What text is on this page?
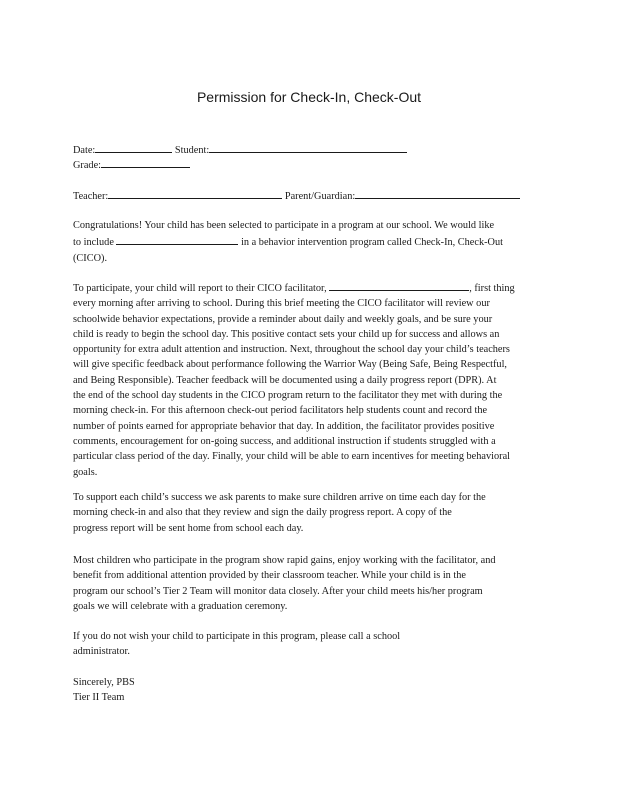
Permission for Check-In, Check-Out
Date:	Student:
Grade:
Teacher:	Parent/Guardian:
Congratulations! Your child has been selected to participate in a program at our school. We would like
to include	in a behavior intervention program called Check-In, Check-Out
(CICO).
To participate, your child will report to their CICO facilitator,	, first thing
every morning after arriving to school. During this brief meeting the CICO facilitator will review our
schoolwide behavior expectations, provide a reminder about daily and weekly goals, and be sure your
child is ready to begin the school day. This positive contact sets your child up for success and allows an
opportunity for extra adult attention and instruction. Next, throughout the school day your child’s teachers
will give specific feedback about performance following the Warrior Way (Being Safe, Being Respectful,
and Being Responsible). Teacher feedback will be documented using a daily progress report (DPR). At
the end of the school day students in the CICO program return to the facilitator they met with during the
morning check-in. For this afternoon check-out period facilitators help students count and record the
number of points earned for appropriate behavior that day. In addition, the facilitator provides positive
comments, encouragement for on-going success, and additional instruction if students struggled with a
particular class period of the day. Finally, your child will be able to earn incentives for meeting behavioral
goals.
To support each child’s success we ask parents to make sure children arrive on time each day for the
morning check-in and also that they review and sign the daily progress report. A copy of the
progress report will be sent home from school each day.
Most children who participate in the program show rapid gains, enjoy working with the facilitator, and
benefit from additional attention provided by their classroom teacher. While your child is in the
program our school’s Tier 2 Team will monitor data closely. After your child meets his/her program
goals we will celebrate with a graduation ceremony.
If you do not wish your child to participate in this program, please call a school
administrator.
Sincerely, PBS
Tier II Team
